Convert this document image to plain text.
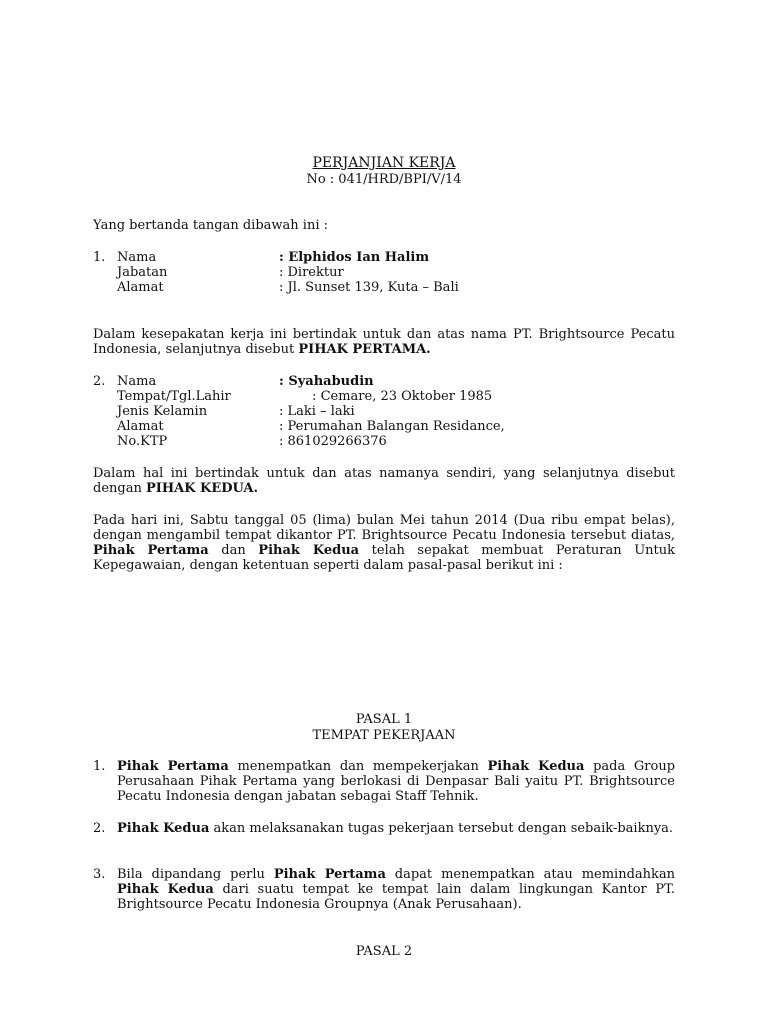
PERJANJIAN KERJA
No : 041/HRD/BPI/V/14
Yang bertanda tangan dibawah ini :
1. Nama	: Elphidos Ian Halim
Jabatan	: Direktur
Alamat	: Jl. Sunset 139, Kuta – Bali
Dalam kesepakatan kerja ini bertindak untuk dan atas nama PT. Brightsource Pecatu Indonesia, selanjutnya disebut PIHAK PERTAMA.
2. Nama	: Syahabudin
Tempat/Tgl.Lahir	: Cemare, 23 Oktober 1985
Jenis Kelamin	: Laki – laki
Alamat	: Perumahan Balangan Residance,
No.KTP	: 861029266376
Dalam hal ini bertindak untuk dan atas namanya sendiri, yang selanjutnya disebut dengan PIHAK KEDUA.
Pada hari ini, Sabtu tanggal 05 (lima) bulan Mei tahun 2014 (Dua ribu empat belas), dengan mengambil tempat dikantor PT. Brightsource Pecatu Indonesia tersebut diatas, Pihak Pertama dan Pihak Kedua telah sepakat membuat Peraturan Untuk Kepegawaian, dengan ketentuan seperti dalam pasal-pasal berikut ini :
PASAL 1
TEMPAT PEKERJAAN
1. Pihak Pertama menempatkan dan mempekerjakan Pihak Kedua pada Group Perusahaan Pihak Pertama yang berlokasi di Denpasar Bali yaitu PT. Brightsource Pecatu Indonesia dengan jabatan sebagai Staff Tehnik.
2. Pihak Kedua akan melaksanakan tugas pekerjaan tersebut dengan sebaik-baiknya.
3. Bila dipandang perlu Pihak Pertama dapat menempatkan atau memindahkan Pihak Kedua dari suatu tempat ke tempat lain dalam lingkungan Kantor PT. Brightsource Pecatu Indonesia Groupnya (Anak Perusahaan).
PASAL 2
